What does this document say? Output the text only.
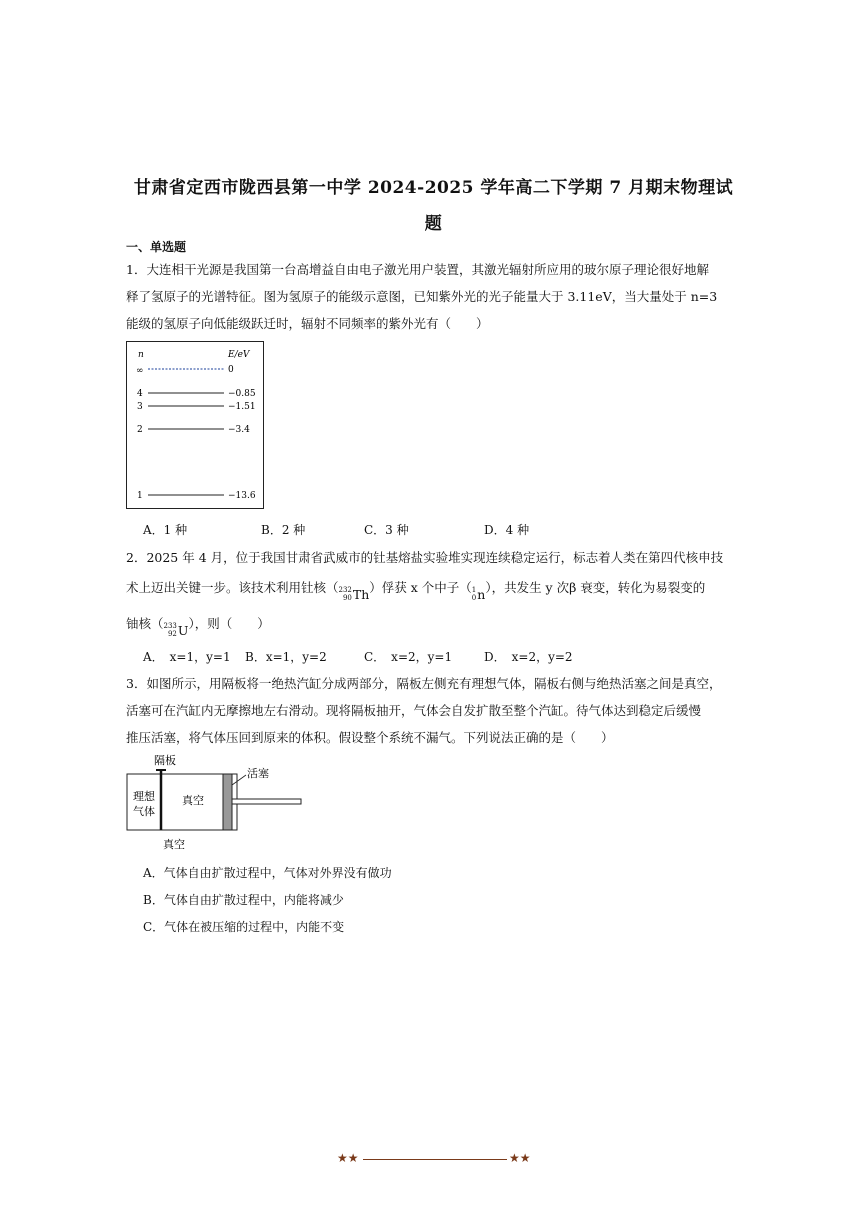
甘肃省定西市陇西县第一中学 2024-2025 学年高二下学期 7 月期末物理试
题
一、单选题
1．大连相干光源是我国第一台高增益自由电子激光用户装置，其激光辐射所应用的玻尔原子理论很好地解
释了氢原子的光谱特征。图为氢原子的能级示意图，已知紫外光的光子能量大于 3.11eV，当大量处于 n=3
能级的氢原子向低能级跃迁时，辐射不同频率的紫外光有（　　）
n	E/eV
∞	0
4	−0.85
3	−1.51
2	−3.4
1	−13.6
A．1 种	B．2 种	C．3 种	D．4 种
2．2025 年 4 月，位于我国甘肃省武威市的钍基熔盐实验堆实现连续稳定运行，标志着人类在第四代核申技
术上迈出关键一步。该技术利用钍核（ 232
90 Th ）俘获 x 个中子（ 1
0 n ），共发生 y 次β 衰变，转化为易裂变的
铀核（ 233
92 U ），则（　　）
A．　x=1，y=1 B．x=1，y=2	C．　x=2，y=1	D．　x=2，y=2
3．如图所示，用隔板将一绝热汽缸分成两部分，隔板左侧充有理想气体，隔板右侧与绝热活塞之间是真空，
活塞可在汽缸内无摩擦地左右滑动。现将隔板抽开，气体会自发扩散至整个汽缸。待气体达到稳定后缓慢
推压活塞，将气体压回到原来的体积。假设整个系统不漏气。下列说法正确的是（　　）
隔板
活塞
理想
气体
真空
真空
A．气体自由扩散过程中，气体对外界没有做功
B．气体自由扩散过程中，内能将减少
C．气体在被压缩的过程中，内能不变
★★	★★
